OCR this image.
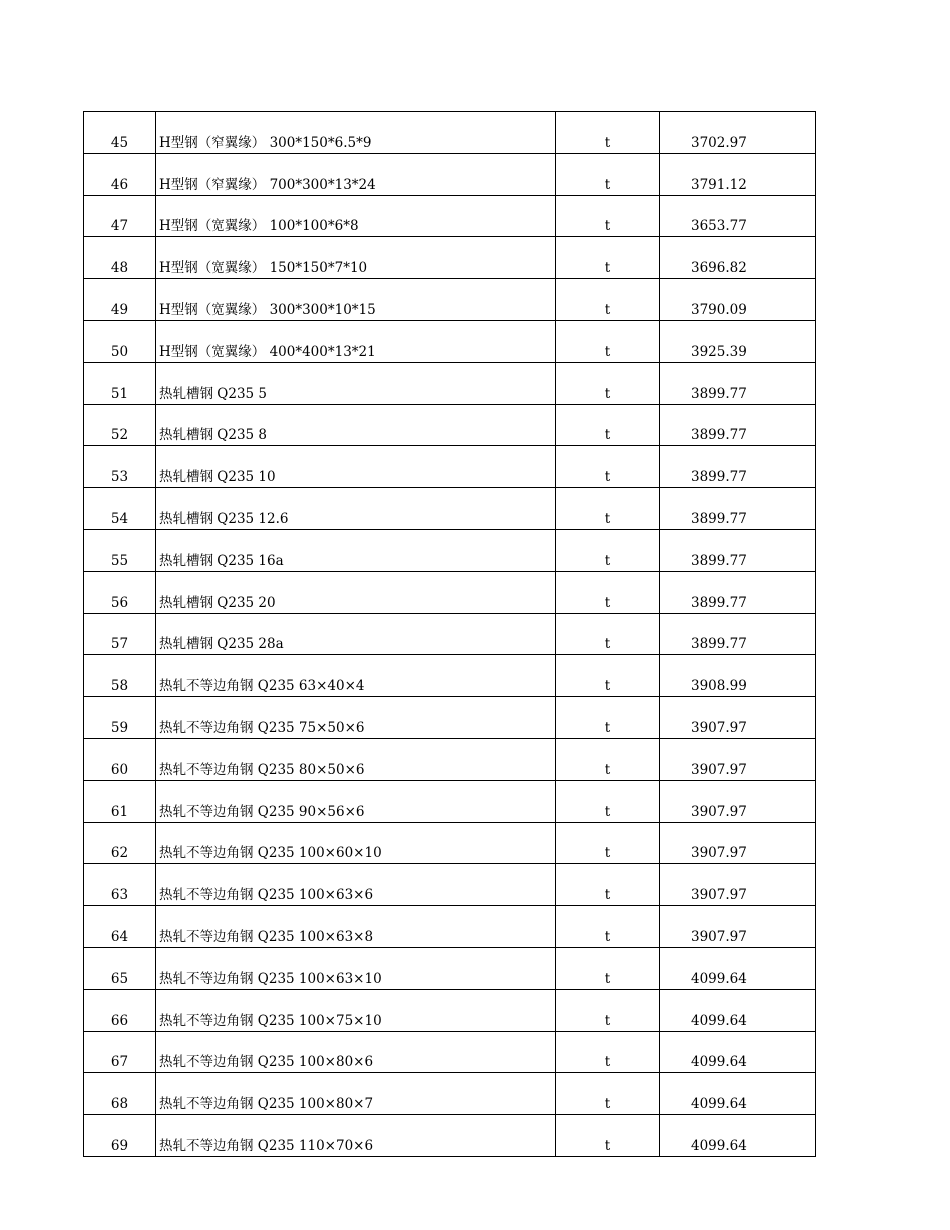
45	H型钢（窄翼缘） 300*150*6.5*9	t	3702.97
46	H型钢（窄翼缘） 700*300*13*24	t	3791.12
47	H型钢（宽翼缘） 100*100*6*8	t	3653.77
48	H型钢（宽翼缘） 150*150*7*10	t	3696.82
49	H型钢（宽翼缘） 300*300*10*15	t	3790.09
50	H型钢（宽翼缘） 400*400*13*21	t	3925.39
51	热轧槽钢 Q235 5	t	3899.77
52	热轧槽钢 Q235 8	t	3899.77
53	热轧槽钢 Q235 10	t	3899.77
54	热轧槽钢 Q235 12.6	t	3899.77
55	热轧槽钢 Q235 16a	t	3899.77
56	热轧槽钢 Q235 20	t	3899.77
57	热轧槽钢 Q235 28a	t	3899.77
58	热轧不等边角钢 Q235 63×40×4	t	3908.99
59	热轧不等边角钢 Q235 75×50×6	t	3907.97
60	热轧不等边角钢 Q235 80×50×6	t	3907.97
61	热轧不等边角钢 Q235 90×56×6	t	3907.97
62	热轧不等边角钢 Q235 100×60×10	t	3907.97
63	热轧不等边角钢 Q235 100×63×6	t	3907.97
64	热轧不等边角钢 Q235 100×63×8	t	3907.97
65	热轧不等边角钢 Q235 100×63×10	t	4099.64
66	热轧不等边角钢 Q235 100×75×10	t	4099.64
67	热轧不等边角钢 Q235 100×80×6	t	4099.64
68	热轧不等边角钢 Q235 100×80×7	t	4099.64
69	热轧不等边角钢 Q235 110×70×6	t	4099.64
